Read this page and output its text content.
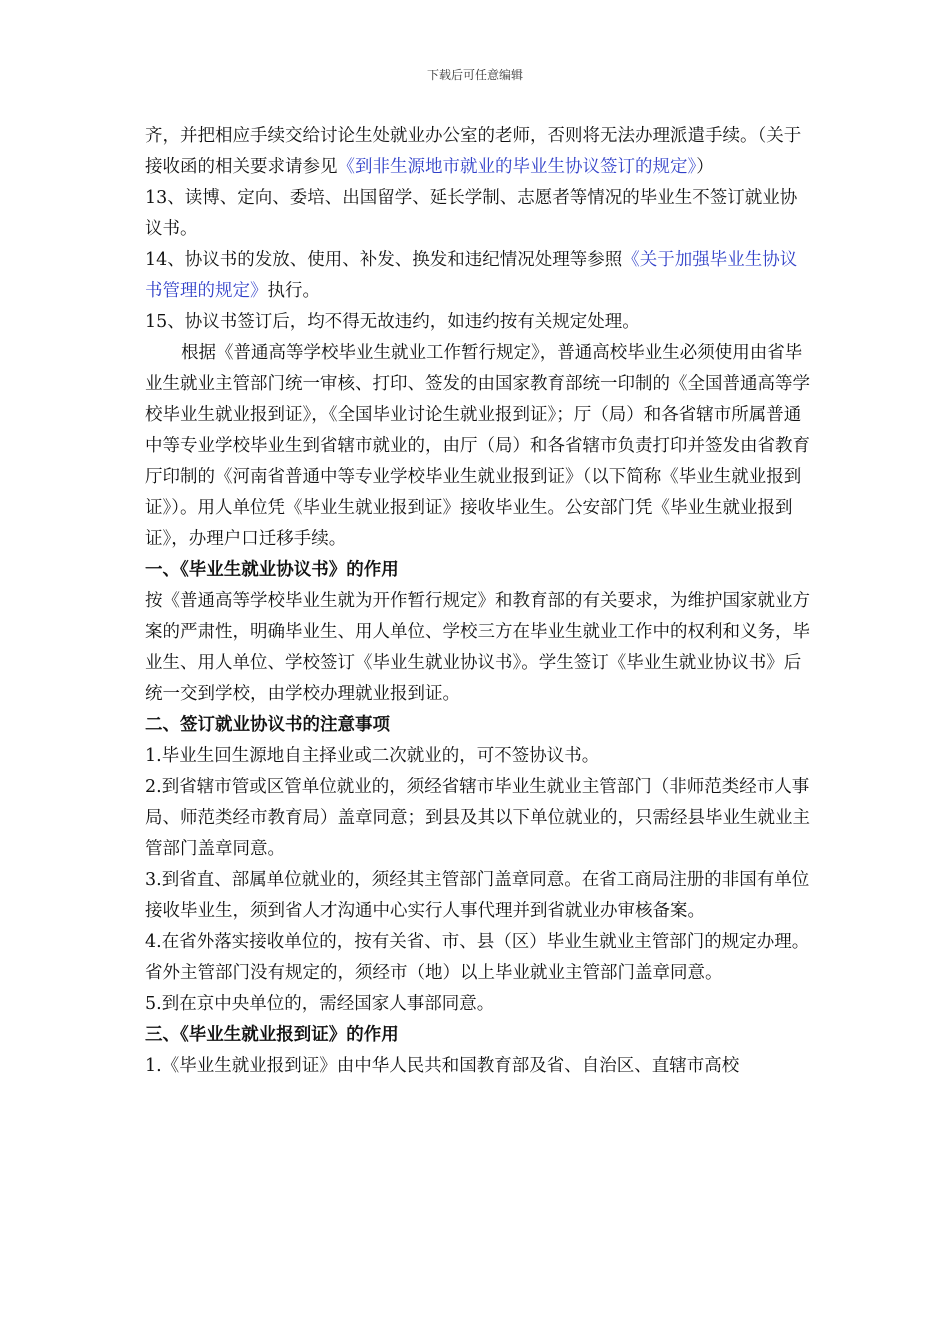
下载后可任意编辑

齐，并把相应手续交给讨论生处就业办公室的老师，否则将无法办理派遣手续。（关于接收函的相关要求请参见《到非生源地市就业的毕业生协议签订的规定》）

13、读博、定向、委培、出国留学、延长学制、志愿者等情况的毕业生不签订就业协议书。

14、协议书的发放、使用、补发、换发和违纪情况处理等参照《关于加强毕业生协议书管理的规定》执行。

15、协议书签订后，均不得无故违约，如违约按有关规定处理。

根据《普通高等学校毕业生就业工作暂行规定》，普通高校毕业生必须使用由省毕业生就业主管部门统一审核、打印、签发的由国家教育部统一印制的《全国普通高等学校毕业生就业报到证》，《全国毕业讨论生就业报到证》；厅（局）和各省辖市所属普通中等专业学校毕业生到省辖市就业的，由厅（局）和各省辖市负责打印并签发由省教育厅印制的《河南省普通中等专业学校毕业生就业报到证》（以下简称《毕业生就业报到证》）。用人单位凭《毕业生就业报到证》接收毕业生。公安部门凭《毕业生就业报到证》，办理户口迁移手续。

一、《毕业生就业协议书》的作用

按《普通高等学校毕业生就为开作暂行规定》和教育部的有关要求，为维护国家就业方案的严肃性，明确毕业生、用人单位、学校三方在毕业生就业工作中的权利和义务，毕业生、用人单位、学校签订《毕业生就业协议书》。学生签订《毕业生就业协议书》后统一交到学校，由学校办理就业报到证。

二、签订就业协议书的注意事项

1.毕业生回生源地自主择业或二次就业的，可不签协议书。

2.到省辖市管或区管单位就业的，须经省辖市毕业生就业主管部门（非师范类经市人事局、师范类经市教育局）盖章同意；到县及其以下单位就业的，只需经县毕业生就业主管部门盖章同意。

3.到省直、部属单位就业的，须经其主管部门盖章同意。在省工商局注册的非国有单位接收毕业生，须到省人才沟通中心实行人事代理并到省就业办审核备案。

4.在省外落实接收单位的，按有关省、市、县（区）毕业生就业主管部门的规定办理。省外主管部门没有规定的，须经市（地）以上毕业就业主管部门盖章同意。

5.到在京中央单位的，需经国家人事部同意。

三、《毕业生就业报到证》的作用

1.《毕业生就业报到证》由中华人民共和国教育部及省、自治区、直辖市高校
